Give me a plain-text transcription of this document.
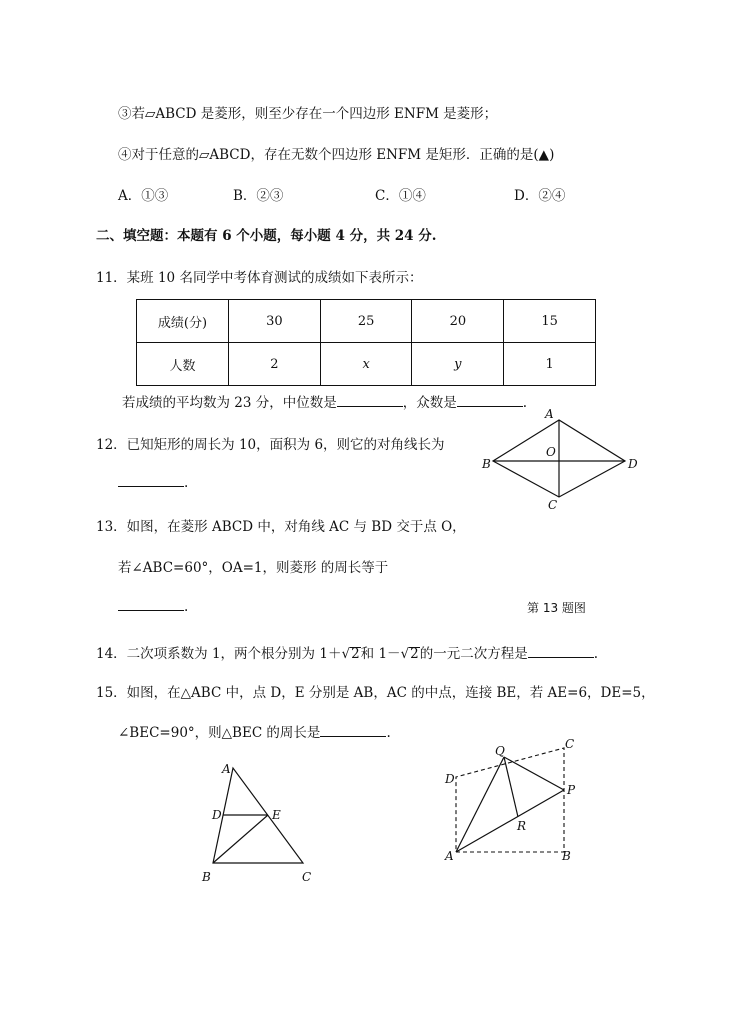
③若▱ABCD 是菱形，则至少存在一个四边形 ENFM 是菱形；
④对于任意的▱ABCD，存在无数个四边形 ENFM 是矩形．正确的是(▲)
A．①③	B．②③	C．①④	D．②④
二、填空题：本题有 6 个小题，每小题 4 分，共 24 分.
11．某班 10 名同学中考体育测试的成绩如下表所示：
成绩(分)	30	25	20	15
人数	2	x	y	1
若成绩的平均数为 23 分，中位数是	，众数是	.
12．已知矩形的周长为 10，面积为 6，则它的对角线长为
.
13．如图，在菱形 ABCD 中，对角线 AC 与 BD 交于点 O，
若∠ABC=60°，OA=1，则菱形 的周长等于
.	第 13 题图
A
B
C
D
O
14．二次项系数为 1，两个根分别为 1＋√2和 1－√2的一元二次方程是	.
15．如图，在△ABC 中，点 D，E 分别是 AB，AC 的中点，连接 BE，若 AE=6，DE=5，
∠BEC=90°，则△BEC 的周长是	.
A
D	E
B	C
A	B
C
D
P
Q
R
